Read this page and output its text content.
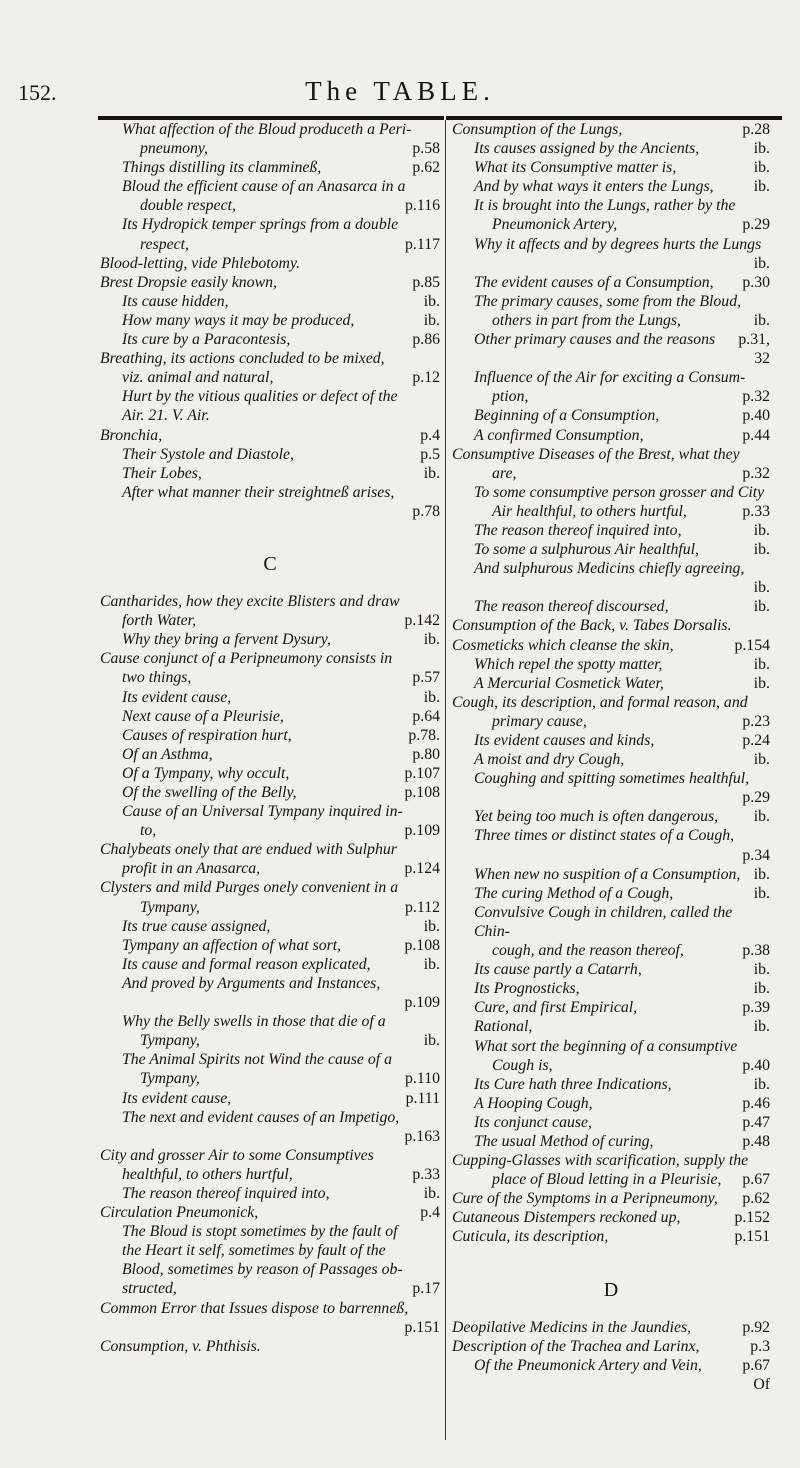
152.	The TABLE.
What affection of the Bloud produceth a Peri-
pneumony,	p.58
Things distilling its clammineß,	p.62
Bloud the efficient cause of an Anasarca in a
double respect,	p.116
Its Hydropick temper springs from a double
respect,	p.117
Blood-letting, vide Phlebotomy.
Brest Dropsie easily known,	p.85
Its cause hidden,	ib.
How many ways it may be produced,	ib.
Its cure by a Paracontesis,	p.86
Breathing, its actions concluded to be mixed,
viz. animal and natural,	p.12
Hurt by the vitious qualities or defect of the
Air. 21. V. Air.
Bronchia,	p.4
Their Systole and Diastole,	p.5
Their Lobes,	ib.
After what manner their streightneß arises,
p.78
C
Cantharides, how they excite Blisters and draw
forth Water,	p.142
Why they bring a fervent Dysury,	ib.
Cause conjunct of a Peripneumony consists in
two things,	p.57
Its evident cause,	ib.
Next cause of a Pleurisie,	p.64
Causes of respiration hurt,	p.78.
Of an Asthma,	p.80
Of a Tympany, why occult,	p.107
Of the swelling of the Belly,	p.108
Cause of an Universal Tympany inquired in-
to,	p.109
Chalybeats onely that are endued with Sulphur
profit in an Anasarca,	p.124
Clysters and mild Purges onely convenient in a
Tympany,	p.112
Its true cause assigned,	ib.
Tympany an affection of what sort,	p.108
Its cause and formal reason explicated,	ib.
And proved by Arguments and Instances,
p.109
Why the Belly swells in those that die of a
Tympany,	ib.
The Animal Spirits not Wind the cause of a
Tympany,	p.110
Its evident cause,	p.111
The next and evident causes of an Impetigo,
p.163
City and grosser Air to some Consumptives
healthful, to others hurtful,	p.33
The reason thereof inquired into,	ib.
Circulation Pneumonick,	p.4
The Bloud is stopt sometimes by the fault of
the Heart it self, sometimes by fault of the
Blood, sometimes by reason of Passages ob-
structed,	p.17
Common Error that Issues dispose to barrenneß,
p.151
Consumption, v. Phthisis.
Consumption of the Lungs,	p.28
Its causes assigned by the Ancients,	ib.
What its Consumptive matter is,	ib.
And by what ways it enters the Lungs,	ib.
It is brought into the Lungs, rather by the
Pneumonick Artery,	p.29
Why it affects and by degrees hurts the Lungs
ib.
The evident causes of a Consumption,	p.30
The primary causes, some from the Bloud,
others in part from the Lungs,	ib.
Other primary causes and the reasons	p.31,
32
Influence of the Air for exciting a Consum-
ption,	p.32
Beginning of a Consumption,	p.40
A confirmed Consumption,	p.44
Consumptive Diseases of the Brest, what they
are,	p.32
To some consumptive person grosser and City
Air healthful, to others hurtful,	p.33
The reason thereof inquired into,	ib.
To some a sulphurous Air healthful,	ib.
And sulphurous Medicins chiefly agreeing,
ib.
The reason thereof discoursed,	ib.
Consumption of the Back, v. Tabes Dorsalis.
Cosmeticks which cleanse the skin,	p.154
Which repel the spotty matter,	ib.
A Mercurial Cosmetick Water,	ib.
Cough, its description, and formal reason, and
primary cause,	p.23
Its evident causes and kinds,	p.24
A moist and dry Cough,	ib.
Coughing and spitting sometimes healthful,
p.29
Yet being too much is often dangerous,	ib.
Three times or distinct states of a Cough,
p.34
When new no suspition of a Consumption, ib.
The curing Method of a Cough,	ib.
Convulsive Cough in children, called the Chin-
cough, and the reason thereof,	p.38
Its cause partly a Catarrh,	ib.
Its Prognosticks,	ib.
Cure, and first Empirical,	p.39
Rational,	ib.
What sort the beginning of a consumptive
Cough is,	p.40
Its Cure hath three Indications,	ib.
A Hooping Cough,	p.46
Its conjunct cause,	p.47
The usual Method of curing,	p.48
Cupping-Glasses with scarification, supply the
place of Bloud letting in a Pleurisie,	p.67
Cure of the Symptoms in a Peripneumony,	p.62
Cutaneous Distempers reckoned up,	p.152
Cuticula, its description,	p.151
D
Deopilative Medicins in the Jaundies,	p.92
Description of the Trachea and Larinx,	p.3
Of the Pneumonick Artery and Vein,	p.67
Of
